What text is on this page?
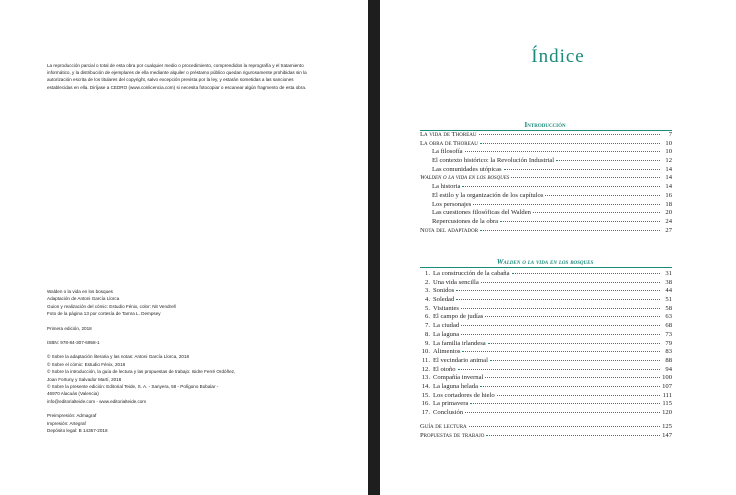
La reproducción parcial o total de esta obra por cualquier medio o procedimiento, comprendidos la reprografía y el tratamiento informático, y la distribución de ejemplares de ella mediante alquiler o préstamo público quedan rigurosamente prohibidas sin la autorización escrita de los titulares del copyright, salvo excepción prevista por la ley, y estarán sometidas a las sanciones establecidas en ella. Diríjase a CEDRO (www.conlicencia.com) si necesita fotocopiar o escanear algún fragmento de esta obra.
Walden o la vida en los bosques
Adaptación de Antoni García Llorca
Guion y realización del cómic: Estudio Fénix, color: Nit Vendrell
Foto de la página 13 por cortesía de Tamra L. Dempsey
Primera edición, 2018
ISBN: 978-84-307-6958-1
© Sobre la adaptación literaria y las notas: Antoni García Llorca, 2018
© Sobre el cómic: Estudio Fénix, 2018
© Sobre la introducción, la guía de lectura y las propuestas de trabajo: Isidre Ferré Ordóñez,
Joan Fortuny y Salvador Martí, 2018
© Sobre la presente edición: Editorial Teide, S. A. - Sanyera, 58 - Polígono Bobalar -
46970 Alacuás (Valencia)
info@editorialteide.com - www.editorialteide.com
Preimpresión: Admagraf
Impresión: Artegraf
Depósito legal: B 14357-2018
Índice
Introducción
La vida de Thoreau	7
La obra de Thoreau	10
La filosofía	10
El contexto histórico: la Revolución Industrial	12
Las comunidades utópicas	14
Walden o la vida en los bosques	14
La historia	14
El estilo y la organización de los capítulos	16
Los personajes	18
Las cuestiones filosóficas del Walden	20
Repercusiones de la obra	24
Nota del adaptador	27
Walden o la vida en los bosques
1. La construcción de la cabaña	31
2. Una vida sencilla	38
3. Sonidos	44
4. Soledad	51
5. Visitantes	58
6. El campo de judías	63
7. La ciudad	68
8. La laguna	73
9. La familia irlandesa	79
10. Alimentos	83
11. El vecindario animal	88
12. El otoño	94
13. Compañía invernal	100
14. La laguna helada	107
15. Los cortadores de hielo	111
16. La primavera	115
17. Conclusión	120
Guía de lectura	125
Propuestas de trabajo	147
